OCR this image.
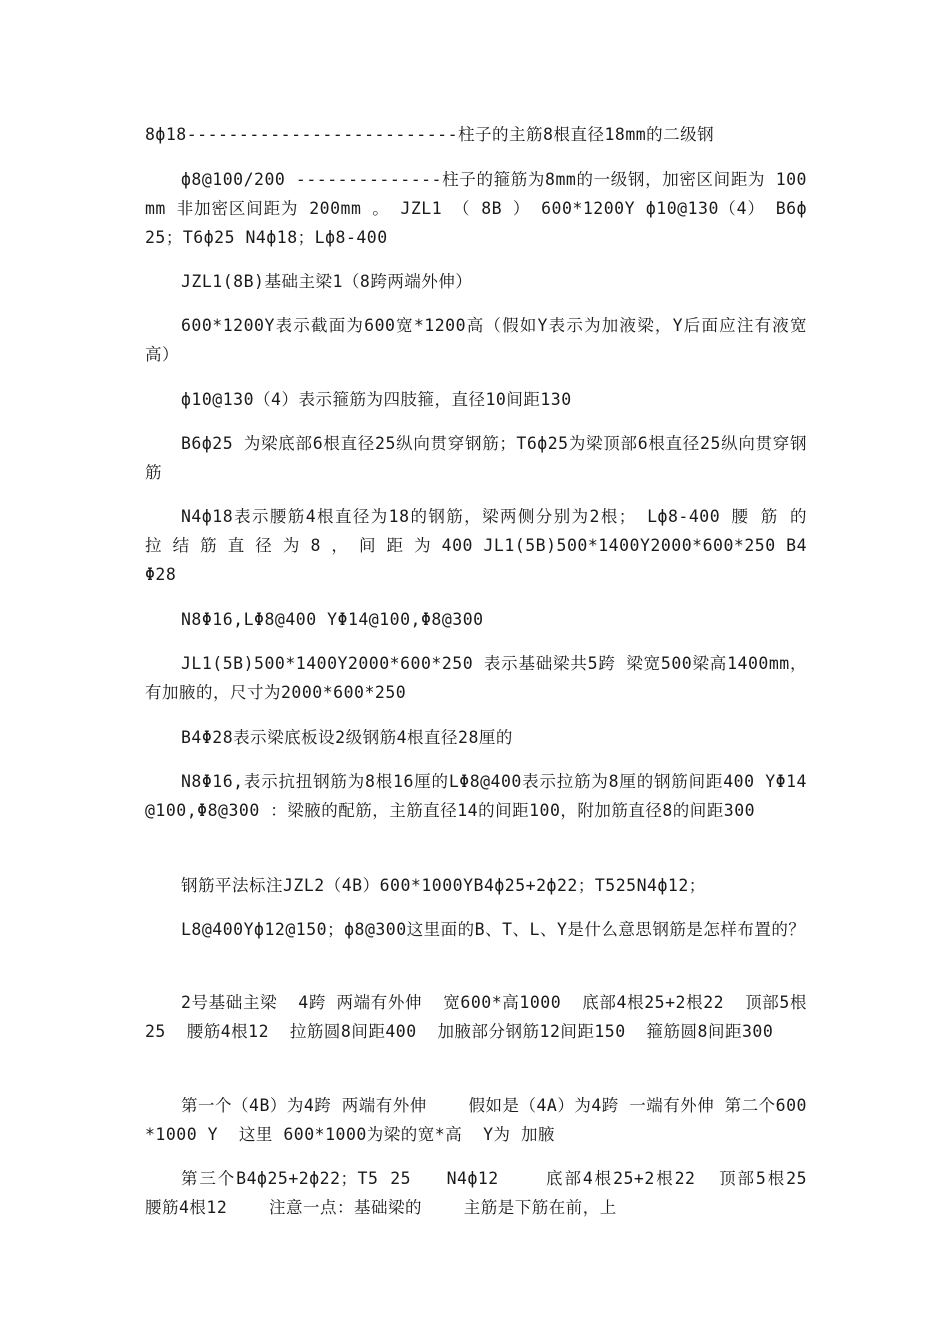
8ф18--------------------------柱子的主筋8根直径18mm的二级钢
ф8@100/200 --------------柱子的箍筋为8mm的一级钢，加密区间距为 100mm 非加密区间距为 200mm 。 JZL1 （ 8B ） 600*1200Y ф10@130（4） B6ф25；T6ф25 N4ф18；Lф8-400
JZL1(8B)基础主梁1（8跨两端外伸）
600*1200Y表示截面为600宽*1200高（假如Y表示为加液梁，Y后面应注有液宽高）
ф10@130（4）表示箍筋为四肢箍，直径10间距130
B6ф25 为梁底部6根直径25纵向贯穿钢筋；T6ф25为梁顶部6根直径25纵向贯穿钢筋
N4ф18表示腰筋4根直径为18的钢筋，梁两侧分别为2根； Lф8-400 腰 筋 的 拉 结 筋 直 径 为 8 ， 间 距 为 400 JL1(5B)500*1400Y2000*600*250 B4Φ28
N8Φ16,LΦ8@400 YΦ14@100,Φ8@300
JL1(5B)500*1400Y2000*600*250 表示基础梁共5跨 梁宽500梁高1400mm，有加腋的，尺寸为2000*600*250
B4Φ28表示梁底板设2级钢筋4根直径28厘的
N8Φ16,表示抗扭钢筋为8根16厘的LΦ8@400表示拉筋为8厘的钢筋间距400 YΦ14@100,Φ8@300 ：梁腋的配筋，主筋直径14的间距100，附加筋直径8的间距300
钢筋平法标注JZL2（4B）600*1000YB4ф25+2ф22；T525N4ф12；
L8@400Yф12@150；ф8@300这里面的B、T、L、Y是什么意思钢筋是怎样布置的？
2号基础主梁  4跨 两端有外伸  宽600*高1000  底部4根25+2根22  顶部5根25  腰筋4根12  拉筋圆8间距400  加腋部分钢筋12间距150  箍筋圆8间距300
第一个（4B）为4跨 两端有外伸    假如是（4A）为4跨 一端有外伸 第二个600*1000 Y  这里 600*1000为梁的宽*高  Y为 加腋
第三个B4ф25+2ф22；T5 25   N4ф12    底部4根25+2根22  顶部5根25  腰筋4根12    注意一点：基础梁的    主筋是下筋在前，上
